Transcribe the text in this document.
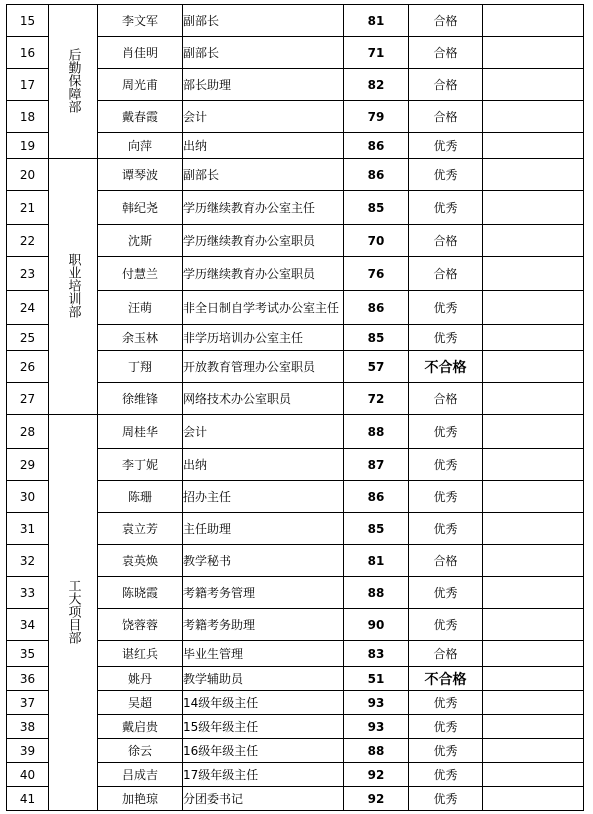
15	后勤保障部	李文军	副部长	81	合格	
16		肖佳明	副部长	71	合格	
17		周光甫	部长助理	82	合格	
18		戴春霞	会计	79	合格	
19		向萍	出纳	86	优秀	
20	职业培训部	谭琴波	副部长	86	优秀	
21		韩纪尧	学历继续教育办公室主任	85	优秀	
22		沈斯	学历继续教育办公室职员	70	合格	
23		付慧兰	学历继续教育办公室职员	76	合格	
24		汪萌	非全日制自学考试办公室主任	86	优秀	
25		余玉林	非学历培训办公室主任	85	优秀	
26		丁翔	开放教育管理办公室职员	57	不合格	
27		徐维锋	网络技术办公室职员	72	合格	
28	工大项目部	周桂华	会计	88	优秀	
29		李丁妮	出纳	87	优秀	
30		陈珊	招办主任	86	优秀	
31		袁立芳	主任助理	85	优秀	
32		袁英焕	教学秘书	81	合格	
33		陈晓霞	考籍考务管理	88	优秀	
34		饶蓉蓉	考籍考务助理	90	优秀	
35		谌红兵	毕业生管理	83	合格	
36		姚丹	教学辅助员	51	不合格	
37		吴超	14级年级主任	93	优秀	
38		戴启贵	15级年级主任	93	优秀	
39		徐云	16级年级主任	88	优秀	
40		吕成吉	17级年级主任	92	优秀	
41		加艳琼	分团委书记	92	优秀	
